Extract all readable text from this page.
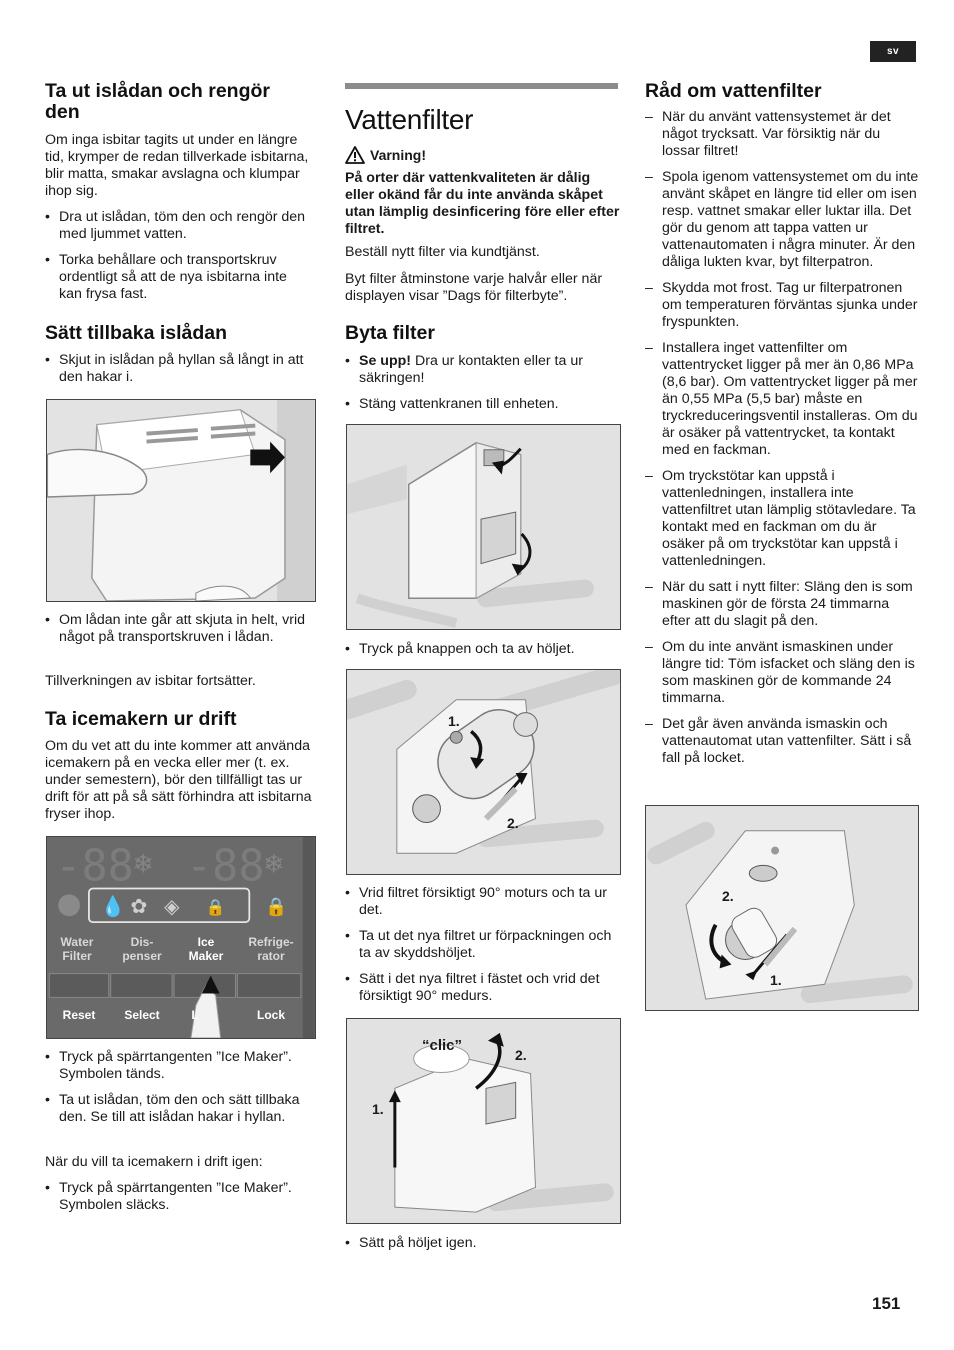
sv
151
Ta ut islådan och rengör den

Om inga isbitar tagits ut under en längre tid, krymper de redan tillverkade isbitarna, blir matta, smakar avslagna och klumpar ihop sig.

• Dra ut islådan, töm den och rengör den med ljummet vatten.
• Torka behållare och transportskruv ordentligt så att de nya isbitarna inte kan frysa fast.
Sätt tillbaka islådan
• Skjut in islådan på hyllan så långt in att den hakar i.
• Om lådan inte går att skjuta in helt, vrid något på transportskruven i lådan.

Tillverkningen av isbitar fortsätter.

Ta icemakern ur drift

Om du vet att du inte kommer att använda icemakern på en vecka eller mer (t. ex. under semestern), bör den tillfälligt tas ur drift för att på så sätt förhindra att isbitarna fryser ihop.

• Tryck på spärrtangenten ”Ice Maker”. Symbolen tänds.
• Ta ut islådan, töm den och sätt tillbaka den. Se till att islådan hakar i hyllan.

När du vill ta icemakern i drift igen:

• Tryck på spärrtangenten ”Ice Maker”. Symbolen släcks.
-88 -88
❄	❄
💧 ✿ ◈ 🔒 🔒
Water
Filter
Dis-
penser
Ice
Maker
Refrige-
rator
Reset	Select	L	Lock
Vattenfilter
Varning!

På orter där vattenkvaliteten är dålig eller okänd får du inte använda skåpet utan lämplig desinficering före eller efter filtret.

Beställ nytt filter via kundtjänst.

Byt filter åtminstone varje halvår eller när displayen visar ”Dags för filterbyte”.

Byta filter
• Se upp! Dra ur kontakten eller ta ur säkringen!
• Stäng vattenkranen till enheten.
• Tryck på knappen och ta av höljet.
• Vrid filtret försiktigt 90° moturs och ta ur det.
• Ta ut det nya filtret ur förpackningen och ta av skyddshöljet.
• Sätt i det nya filtret i fästet och vrid det försiktigt 90° medurs.
• Sätt på höljet igen.
1.
2.
“clic”
2.
1.
Råd om vattenfilter
– När du använt vattensystemet är det något trycksatt. Var försiktig när du lossar filtret!
– Spola igenom vattensystemet om du inte använt skåpet en längre tid eller om isen resp. vattnet smakar eller luktar illa. Det gör du genom att tappa vatten ur vattenautomaten i några minuter. Är den dåliga lukten kvar, byt filterpatron.
– Skydda mot frost. Tag ur filterpatronen om temperaturen förväntas sjunka under fryspunkten.
– Installera inget vattenfilter om vattentrycket ligger på mer än 0,86 MPa (8,6 bar). Om vattentrycket ligger på mer än 0,55 MPa (5,5 bar) måste en tryckreduceringsventil installeras. Om du är osäker på vattentrycket, ta kontakt med en fackman.
– Om tryckstötar kan uppstå i vattenledningen, installera inte vattenfiltret utan lämplig stötavledare. Ta kontakt med en fackman om du är osäker på om tryckstötar kan uppstå i vattenledningen.
– När du satt i nytt filter: Släng den is som maskinen gör de första 24 timmarna efter att du slagit på den.
– Om du inte använt ismaskinen under längre tid: Töm isfacket och släng den is som maskinen gör de kommande 24 timmarna.
– Det går även använda ismaskin och vattenautomat utan vattenfilter. Sätt i så fall på locket.
2.
1.
